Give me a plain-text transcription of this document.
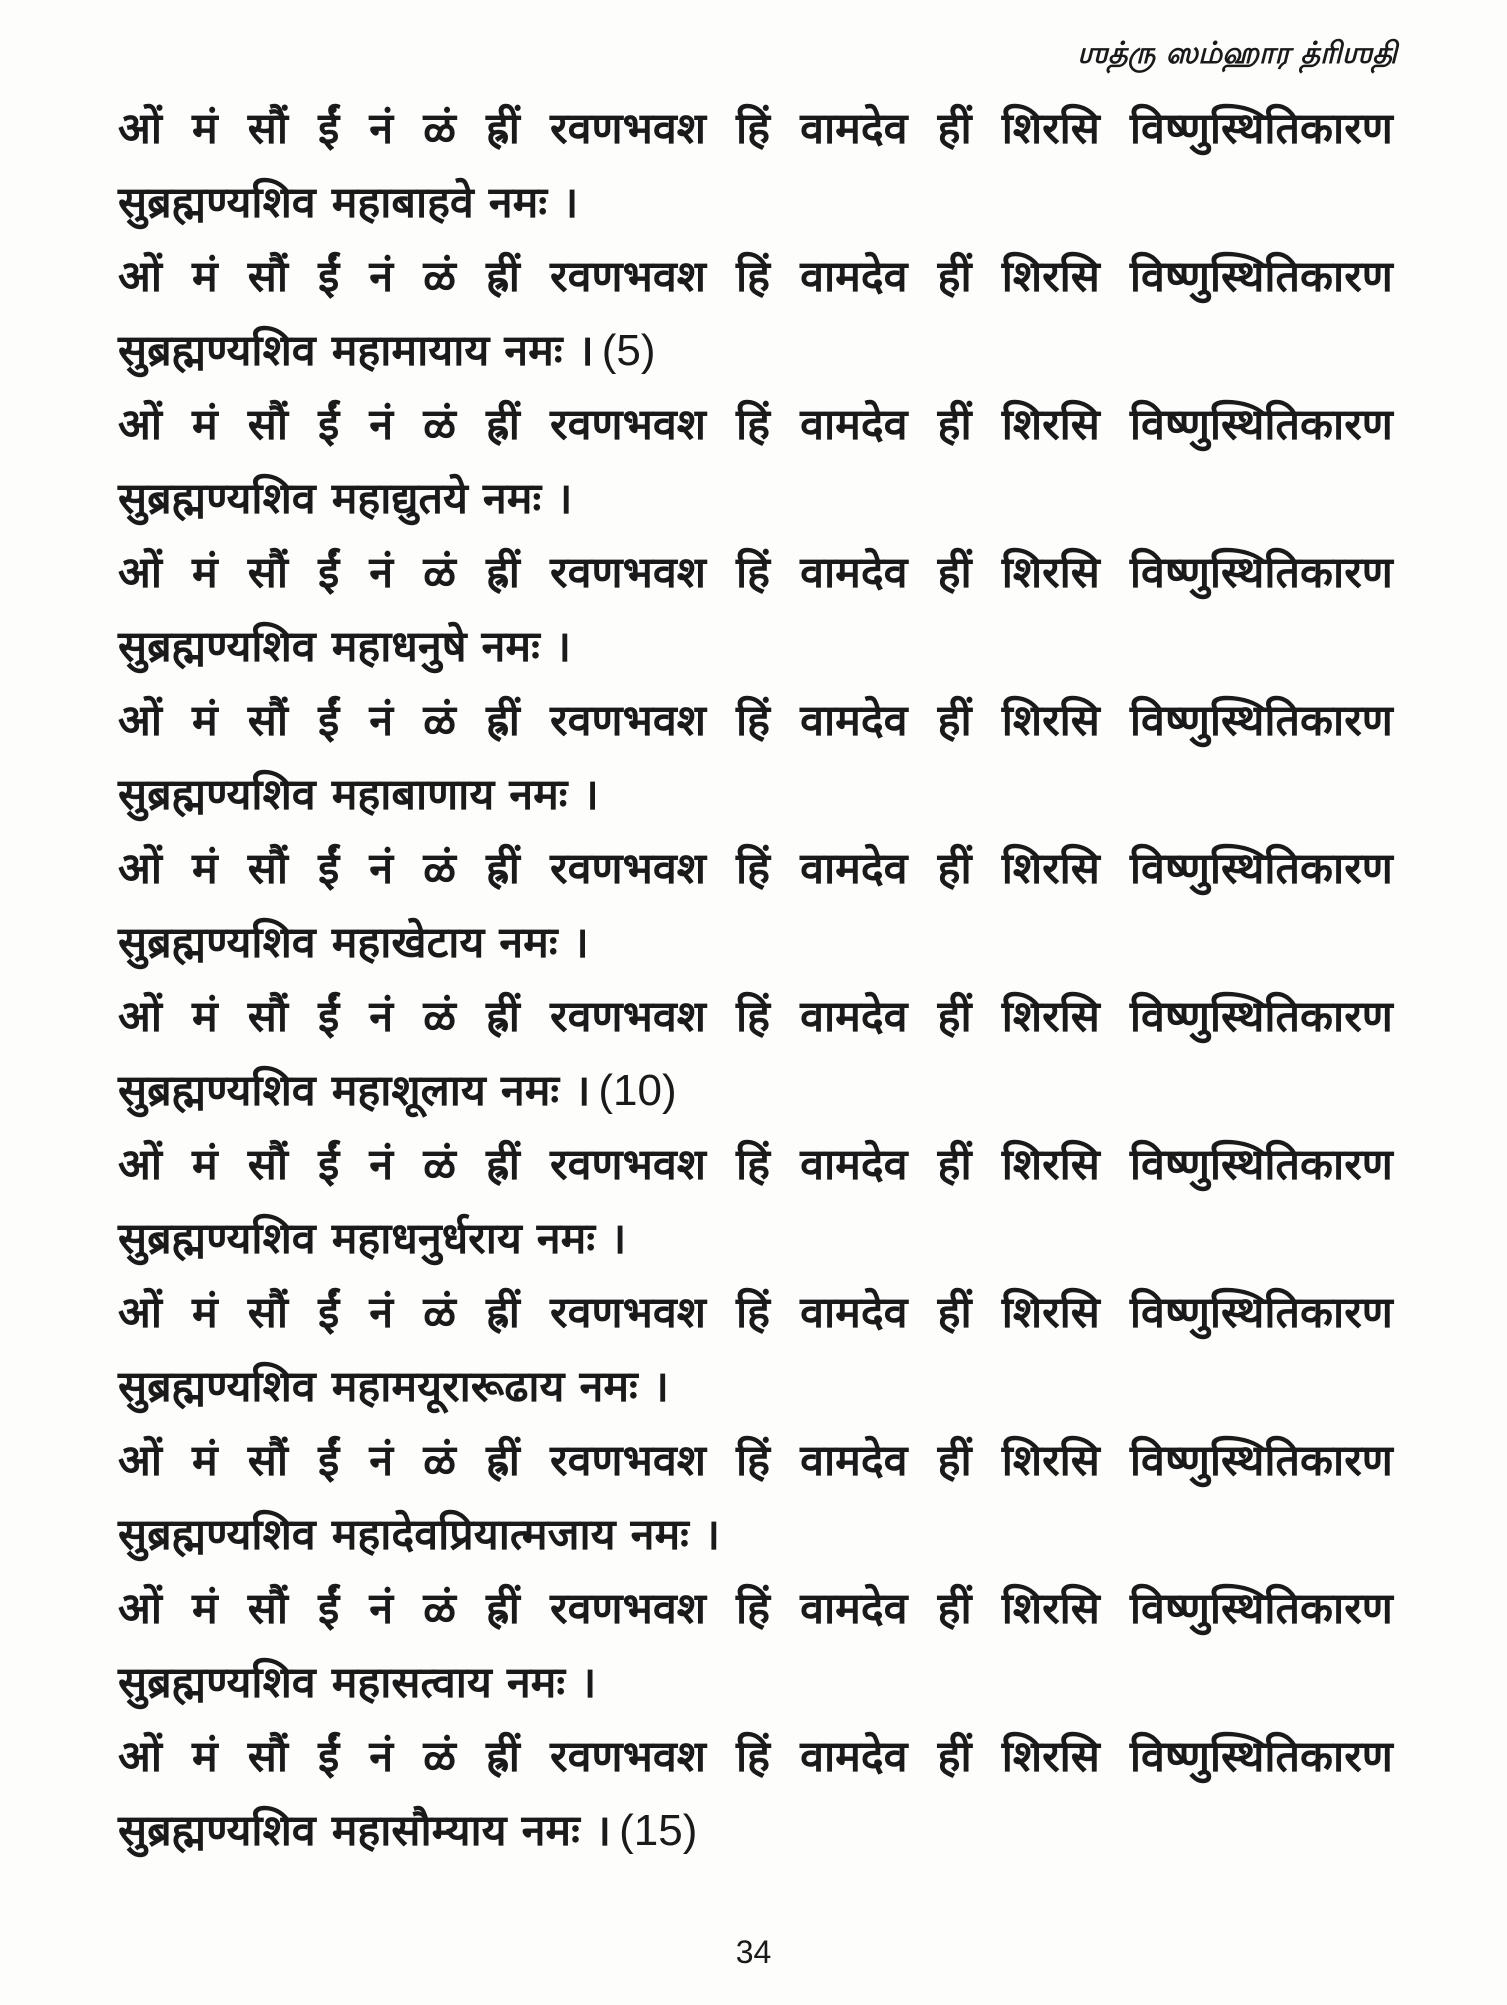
ஶத்ரு ஸம்ஹார த்ரிஶதி
ओं मं सौं ईं नं ळं ह्रीं रवणभवश हिं वामदेव हीं शिरसि विष्णुस्थितिकारण
सुब्रह्मण्यशिव महाबाहवे नमः ।
ओं मं सौं ईं नं ळं ह्रीं रवणभवश हिं वामदेव हीं शिरसि विष्णुस्थितिकारण
सुब्रह्मण्यशिव महामायाय नमः । (5)
ओं मं सौं ईं नं ळं ह्रीं रवणभवश हिं वामदेव हीं शिरसि विष्णुस्थितिकारण
सुब्रह्मण्यशिव महाद्युतये नमः ।
ओं मं सौं ईं नं ळं ह्रीं रवणभवश हिं वामदेव हीं शिरसि विष्णुस्थितिकारण
सुब्रह्मण्यशिव महाधनुषे नमः ।
ओं मं सौं ईं नं ळं ह्रीं रवणभवश हिं वामदेव हीं शिरसि विष्णुस्थितिकारण
सुब्रह्मण्यशिव महाबाणाय नमः ।
ओं मं सौं ईं नं ळं ह्रीं रवणभवश हिं वामदेव हीं शिरसि विष्णुस्थितिकारण
सुब्रह्मण्यशिव महाखेटाय नमः ।
ओं मं सौं ईं नं ळं ह्रीं रवणभवश हिं वामदेव हीं शिरसि विष्णुस्थितिकारण
सुब्रह्मण्यशिव महाशूलाय नमः । (10)
ओं मं सौं ईं नं ळं ह्रीं रवणभवश हिं वामदेव हीं शिरसि विष्णुस्थितिकारण
सुब्रह्मण्यशिव महाधनुर्धराय नमः ।
ओं मं सौं ईं नं ळं ह्रीं रवणभवश हिं वामदेव हीं शिरसि विष्णुस्थितिकारण
सुब्रह्मण्यशिव महामयूरारूढाय नमः ।
ओं मं सौं ईं नं ळं ह्रीं रवणभवश हिं वामदेव हीं शिरसि विष्णुस्थितिकारण
सुब्रह्मण्यशिव महादेवप्रियात्मजाय नमः ।
ओं मं सौं ईं नं ळं ह्रीं रवणभवश हिं वामदेव हीं शिरसि विष्णुस्थितिकारण
सुब्रह्मण्यशिव महासत्वाय नमः ।
ओं मं सौं ईं नं ळं ह्रीं रवणभवश हिं वामदेव हीं शिरसि विष्णुस्थितिकारण
सुब्रह्मण्यशिव महासौम्याय नमः । (15)
34
